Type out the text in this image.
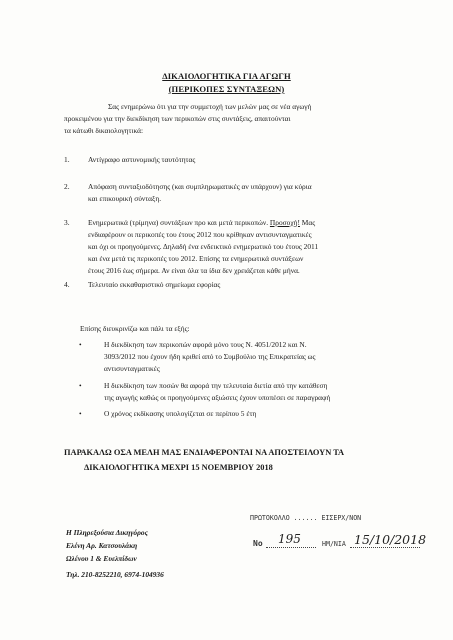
ΔΙΚΑΙΟΛΟΓΗΤΙΚΑ ΓΙΑ ΑΓΩΓΗ
(ΠΕΡΙΚΟΠΕΣ ΣΥΝΤΑΞΕΩΝ)
Σας ενημερώνω ότι για την συμμετοχή των μελών μας σε νέα αγωγή
προκειμένου για την διεκδίκηση των περικοπών στις συντάξεις, απαιτούνται
τα κάτωθι δικαιολογητικά:
1. Αντίγραφο αστυνομικής ταυτότητας
2. Απόφαση συνταξιοδότησης (και συμπληρωματικές αν υπάρχουν) για κύρια
και επικουρική σύνταξη.
3. Ενημερωτικά (τρίμηνα) συντάξεων προ και μετά περικοπών. Προσοχή! Μας
ενδιαφέρουν οι περικοπές του έτους 2012 που κρίθηκαν αντισυνταγματικές
και όχι οι προηγούμενες. Δηλαδή ένα ενδεικτικό ενημερωτικό του έτους 2011
και ένα μετά τις περικοπές του 2012. Επίσης τα ενημερωτικά συντάξεων
έτους 2016 έως σήμερα. Αν είναι όλα τα ίδια δεν χρειάζεται κάθε μήνα.
4. Τελευταίο εκκαθαριστικό σημείωμα εφορίας
Επίσης διευκρινίζω και πάλι τα εξής:
•	Η διεκδίκηση των περικοπών αφορά μόνο τους Ν. 4051/2012 και Ν.
3093/2012 που έχουν ήδη κριθεί από το Συμβούλιο της Επικρατείας ως
αντισυνταγματικές
•	Η διεκδίκηση των ποσών θα αφορά την τελευταία διετία από την κατάθεση
της αγωγής καθώς οι προηγούμενες αξιώσεις έχουν υποπέσει σε παραγραφή
•	Ο χρόνος εκδίκασης υπολογίζεται σε περίπου 5 έτη
ΠΑΡΑΚΑΛΩ ΟΣΑ ΜΕΛΗ ΜΑΣ ΕΝΔΙΑΦΕΡΟΝΤΑΙ ΝΑ ΑΠΟΣΤΕΙΛΟΥΝ ΤΑ
ΔΙΚΑΙΟΛΟΓΗΤΙΚΑ ΜΕΧΡΙ 15 ΝΟΕΜΒΡΙΟΥ 2018
Η Πληρεξούσια Δικηγόρος
Ελένη Αρ. Κατσουλάκη
Ωλένου 1 & Ευελπίδων
Τηλ. 210-8252210, 6974-104936
ΠΡΩΤΟΚΟΛΛΟ ...... ΕΙΣΕΡΧ/ΝΟΝ
No 195	ΗΜ/ΝΙΑ 15/10/2018
